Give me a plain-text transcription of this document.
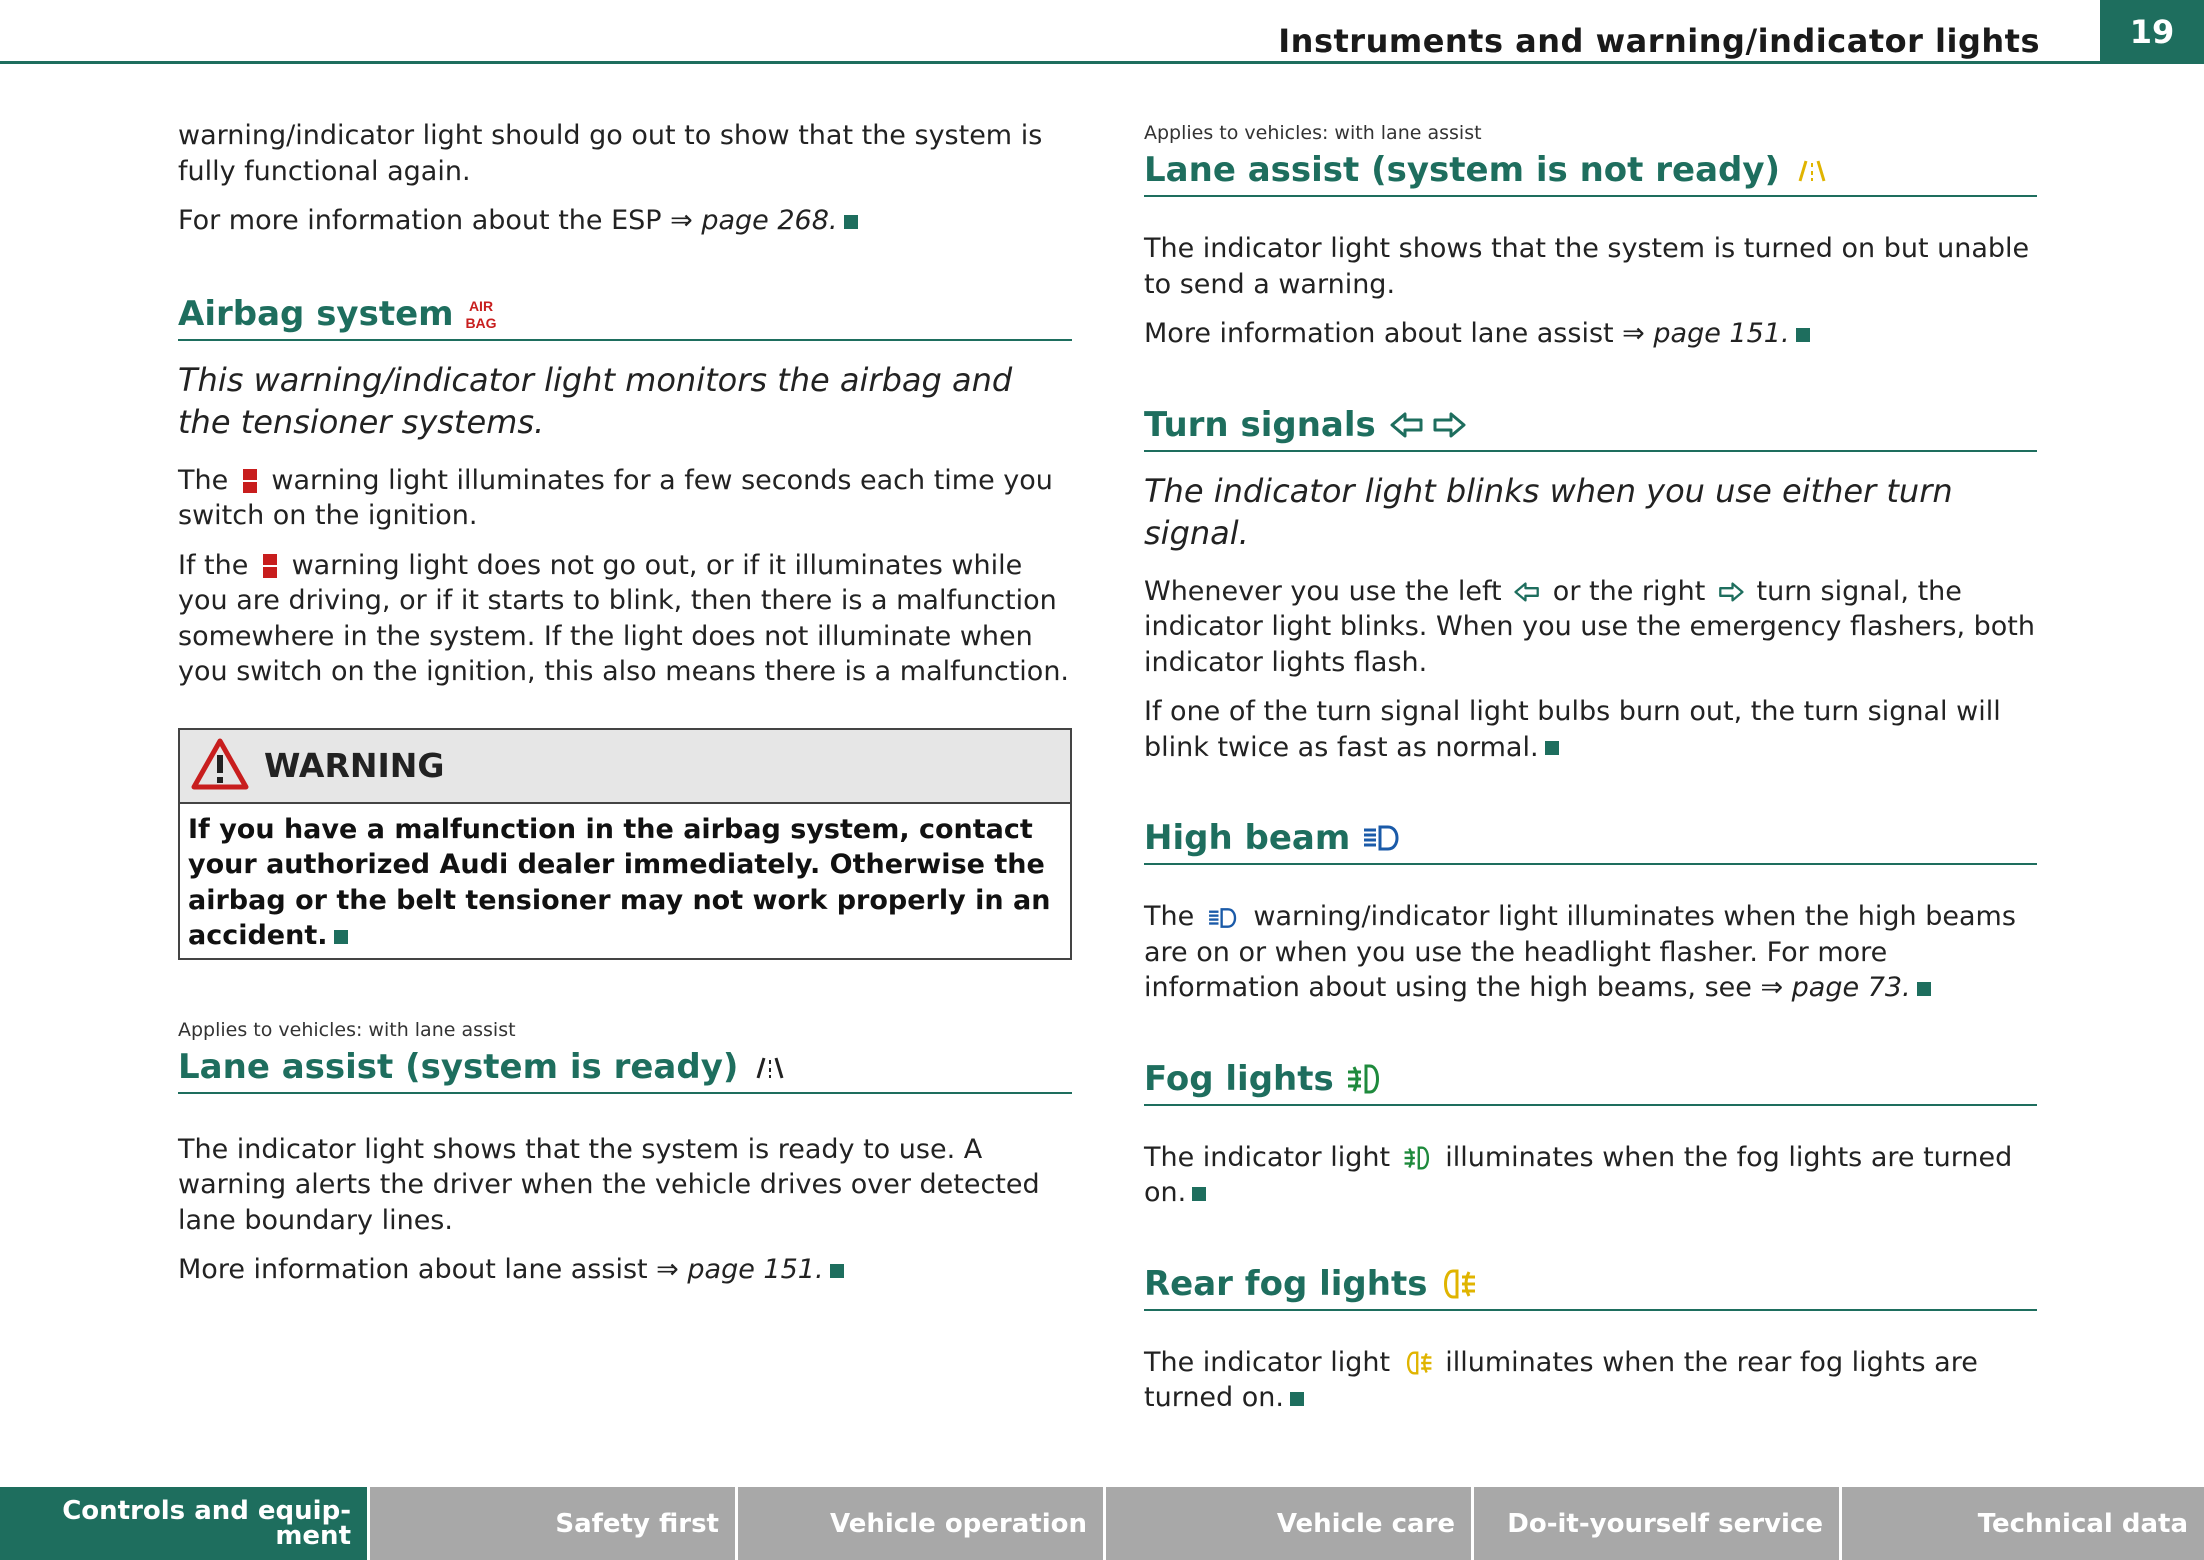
Instruments and warning/indicator lights	19

warning/indicator light should go out to show that the system is fully functional again.

For more information about the ESP ⇒ page 268.

Airbag system AIR
BAG

This warning/indicator light monitors the airbag and the tensioner systems.

The warning light illuminates for a few seconds each time you switch on the ignition.

If the warning light does not go out, or if it illuminates while you are driving, or if it starts to blink, then there is a malfunction somewhere in the system. If the light does not illuminate when you switch on the ignition, this also means there is a malfunction.

WARNING
If you have a malfunction in the airbag system, contact your authorized Audi dealer immediately. Otherwise the airbag or the belt tensioner may not work properly in an accident.

Applies to vehicles: with lane assist

Lane assist (system is ready)

The indicator light shows that the system is ready to use. A warning alerts the driver when the vehicle drives over detected lane boundary lines.

More information about lane assist ⇒ page 151.

Applies to vehicles: with lane assist

Lane assist (system is not ready)

The indicator light shows that the system is turned on but unable to send a warning.

More information about lane assist ⇒ page 151.

Turn signals

The indicator light blinks when you use either turn signal.

Whenever you use the left or the right turn signal, the indicator light blinks. When you use the emergency flashers, both indicator lights flash.

If one of the turn signal light bulbs burn out, the turn signal will blink twice as fast as normal.

High beam

The warning/indicator light illuminates when the high beams are on or when you use the headlight flasher. For more information about using the high beams, see ⇒ page 73.

Fog lights

The indicator light illuminates when the fog lights are turned on.

Rear fog lights

The indicator light illuminates when the rear fog lights are turned on.

Controls and equip-
ment	Safety first	Vehicle operation	Vehicle care Do-it-yourself service	Technical data
